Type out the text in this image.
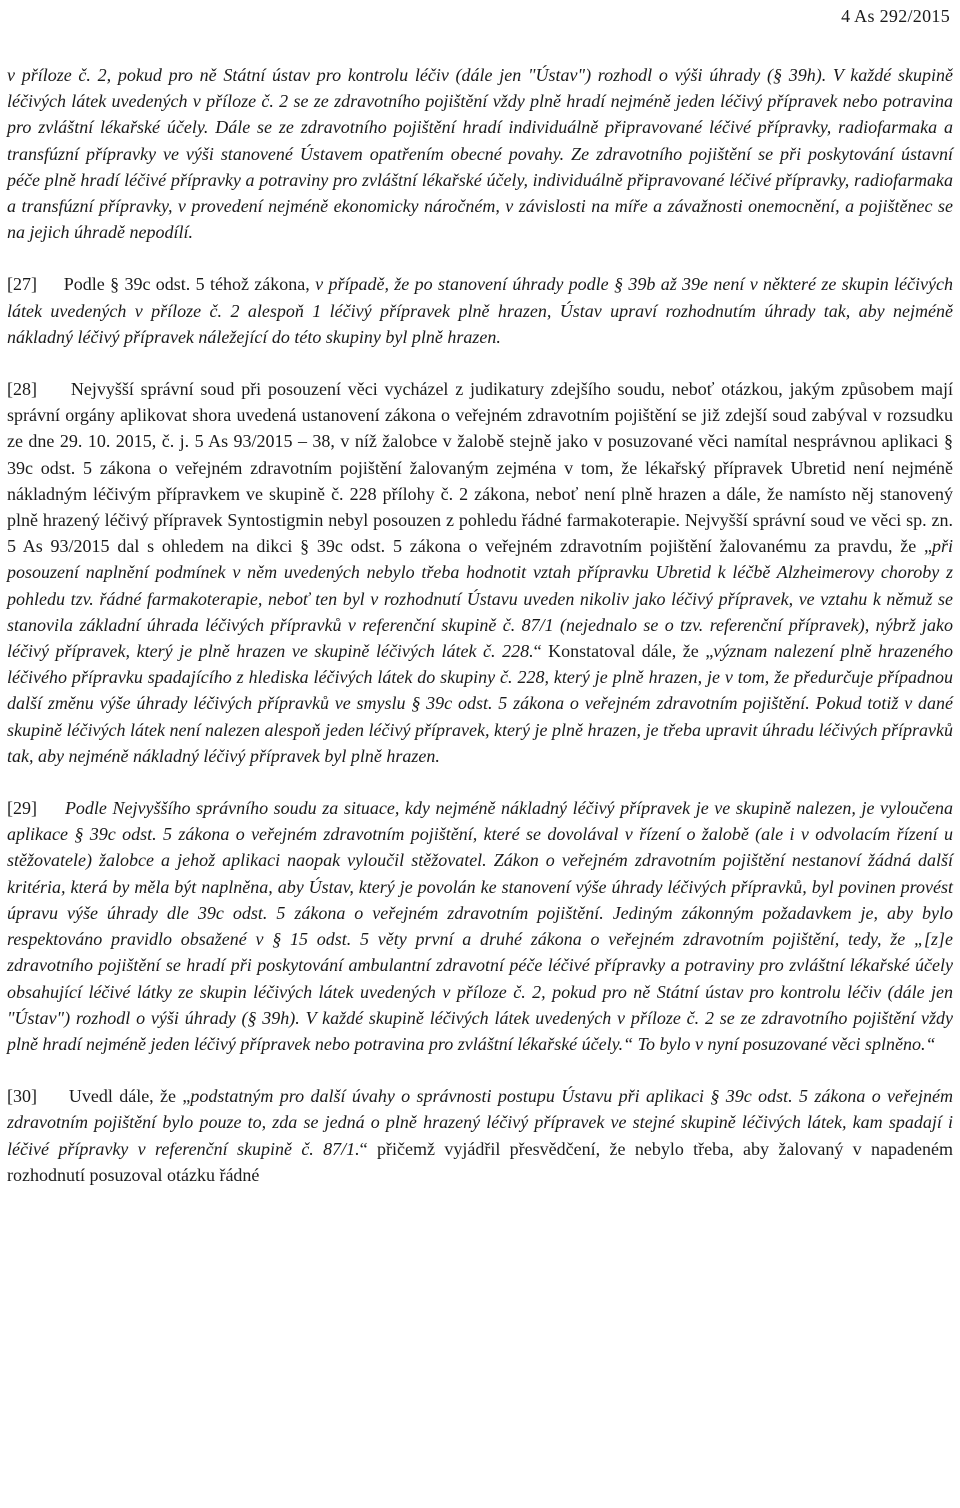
4 As 292/2015

v příloze č. 2, pokud pro ně Státní ústav pro kontrolu léčiv (dále jen "Ústav") rozhodl o výši úhrady (§ 39h). V každé skupině léčivých látek uvedených v příloze č. 2 se ze zdravotního pojištění vždy plně hradí nejméně jeden léčivý přípravek nebo potravina pro zvláštní lékařské účely. Dále se ze zdravotního pojištění hradí individuálně připravované léčivé přípravky, radiofarmaka a transfúzní přípravky ve výši stanovené Ústavem opatřením obecné povahy. Ze zdravotního pojištění se při poskytování ústavní péče plně hradí léčivé přípravky a potraviny pro zvláštní lékařské účely, individuálně připravované léčivé přípravky, radiofarmaka a transfúzní přípravky, v provedení nejméně ekonomicky náročném, v závislosti na míře a závažnosti onemocnění, a pojištěnec se na jejich úhradě nepodílí.

[27] Podle § 39c odst. 5 téhož zákona, v případě, že po stanovení úhrady podle § 39b až 39e není v některé ze skupin léčivých látek uvedených v příloze č. 2 alespoň 1 léčivý přípravek plně hrazen, Ústav upraví rozhodnutím úhrady tak, aby nejméně nákladný léčivý přípravek náležející do této skupiny byl plně hrazen.

[28] Nejvyšší správní soud při posouzení věci vycházel z judikatury zdejšího soudu, neboť otázkou, jakým způsobem mají správní orgány aplikovat shora uvedená ustanovení zákona o veřejném zdravotním pojištění se již zdejší soud zabýval v rozsudku ze dne 29. 10. 2015, č. j. 5 As 93/2015 – 38, v níž žalobce v žalobě stejně jako v posuzované věci namítal nesprávnou aplikaci § 39c odst. 5 zákona o veřejném zdravotním pojištění žalovaným zejména v tom, že lékařský přípravek Ubretid není nejméně nákladným léčivým přípravkem ve skupině č. 228 přílohy č. 2 zákona, neboť není plně hrazen a dále, že namísto něj stanovený plně hrazený léčivý přípravek Syntostigmin nebyl posouzen z pohledu řádné farmakoterapie. Nejvyšší správní soud ve věci sp. zn. 5 As 93/2015 dal s ohledem na dikci § 39c odst. 5 zákona o veřejném zdravotním pojištění žalovanému za pravdu, že „při posouzení naplnění podmínek v něm uvedených nebylo třeba hodnotit vztah přípravku Ubretid k léčbě Alzheimerovy choroby z pohledu tzv. řádné farmakoterapie, neboť ten byl v rozhodnutí Ústavu uveden nikoliv jako léčivý přípravek, ve vztahu k němuž se stanovila základní úhrada léčivých přípravků v referenční skupině č. 87/1 (nejednalo se o tzv. referenční přípravek), nýbrž jako léčivý přípravek, který je plně hrazen ve skupině léčivých látek č. 228.“ Konstatoval dále, že „význam nalezení plně hrazeného léčivého přípravku spadajícího z hlediska léčivých látek do skupiny č. 228, který je plně hrazen, je v tom, že předurčuje případnou další změnu výše úhrady léčivých přípravků ve smyslu § 39c odst. 5 zákona o veřejném zdravotním pojištění. Pokud totiž v dané skupině léčivých látek není nalezen alespoň jeden léčivý přípravek, který je plně hrazen, je třeba upravit úhradu léčivých přípravků tak, aby nejméně nákladný léčivý přípravek byl plně hrazen.

[29] Podle Nejvyššího správního soudu za situace, kdy nejméně nákladný léčivý přípravek je ve skupině nalezen, je vyloučena aplikace § 39c odst. 5 zákona o veřejném zdravotním pojištění, které se dovolával v řízení o žalobě (ale i v odvolacím řízení u stěžovatele) žalobce a jehož aplikaci naopak vyloučil stěžovatel. Zákon o veřejném zdravotním pojištění nestanoví žádná další kritéria, která by měla být naplněna, aby Ústav, který je povolán ke stanovení výše úhrady léčivých přípravků, byl povinen provést úpravu výše úhrady dle 39c odst. 5 zákona o veřejném zdravotním pojištění. Jediným zákonným požadavkem je, aby bylo respektováno pravidlo obsažené v § 15 odst. 5 věty první a druhé zákona o veřejném zdravotním pojištění, tedy, že „[z]e zdravotního pojištění se hradí při poskytování ambulantní zdravotní péče léčivé přípravky a potraviny pro zvláštní lékařské účely obsahující léčivé látky ze skupin léčivých látek uvedených v příloze č. 2, pokud pro ně Státní ústav pro kontrolu léčiv (dále jen "Ústav") rozhodl o výši úhrady (§ 39h). V každé skupině léčivých látek uvedených v příloze č. 2 se ze zdravotního pojištění vždy plně hradí nejméně jeden léčivý přípravek nebo potravina pro zvláštní lékařské účely.“ To bylo v nyní posuzované věci splněno.“

[30] Uvedl dále, že „podstatným pro další úvahy o správnosti postupu Ústavu při aplikaci § 39c odst. 5 zákona o veřejném zdravotním pojištění bylo pouze to, zda se jedná o plně hrazený léčivý přípravek ve stejné skupině léčivých látek, kam spadají i léčivé přípravky v referenční skupině č. 87/1.“ přičemž vyjádřil přesvědčení, že nebylo třeba, aby žalovaný v napadeném rozhodnutí posuzoval otázku řádné
